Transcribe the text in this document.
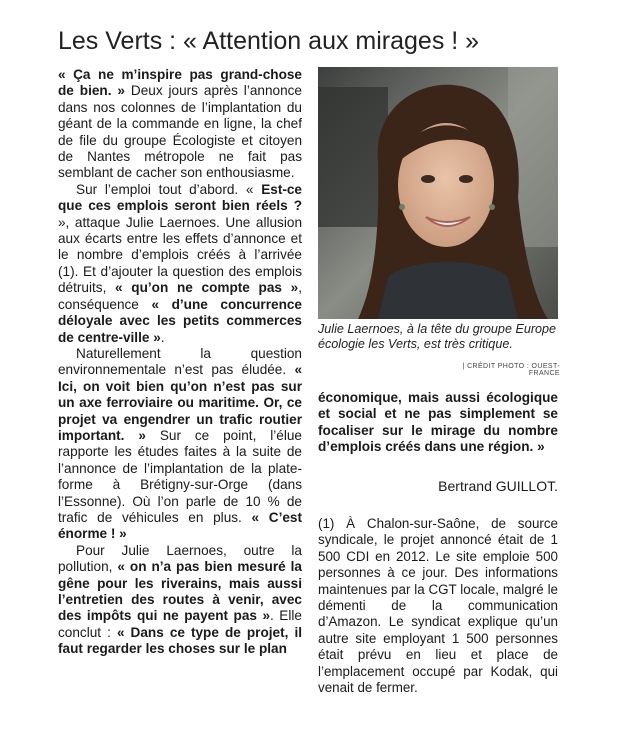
Les Verts : « Attention aux mirages ! »

« Ça ne m’inspire pas grand-chose de bien. » Deux jours après l’annonce dans nos colonnes de l’implantation du géant de la commande en ligne, la chef de file du groupe Écologiste et citoyen de Nantes métropole ne fait pas semblant de cacher son enthousiasme.

Sur l’emploi tout d’abord. « Est-ce que ces emplois seront bien réels ? », attaque Julie Laernoes. Une allusion aux écarts entre les effets d’annonce et le nombre d’emplois créés à l’arrivée (1). Et d’ajouter la question des emplois détruits, « qu’on ne compte pas », conséquence « d’une concurrence déloyale avec les petits commerces de centre-ville ».

Naturellement la question environnementale n’est pas éludée. « Ici, on voit bien qu’on n’est pas sur un axe ferroviaire ou maritime. Or, ce projet va engendrer un trafic routier important. » Sur ce point, l’élue rapporte les études faites à la suite de l’annonce de l’implantation de la plate-forme à Brétigny-sur-Orge (dans l’Essonne). Où l’on parle de 10 % de trafic de véhicules en plus. « C’est énorme ! »

Pour Julie Laernoes, outre la pollution, « on n’a pas bien mesuré la gêne pour les riverains, mais aussi l’entretien des routes à venir, avec des impôts qui ne payent pas ». Elle conclut : « Dans ce type de projet, il faut regarder les choses sur le plan

Julie Laernoes, à la tête du groupe Europe écologie les Verts, est très critique.
| CRÉDIT PHOTO : OUEST-FRANCE

économique, mais aussi écologique et social et ne pas simplement se focaliser sur le mirage du nombre d’emplois créés dans une région. »

Bertrand GUILLOT.

(1) À Chalon-sur-Saône, de source syndicale, le projet annoncé était de 1 500 CDI en 2012. Le site emploie 500 personnes à ce jour. Des informations maintenues par la CGT locale, malgré le démenti de la communication d’Amazon. Le syndicat explique qu’un autre site employant 1 500 personnes était prévu en lieu et place de l’emplacement occupé par Kodak, qui venait de fermer.
